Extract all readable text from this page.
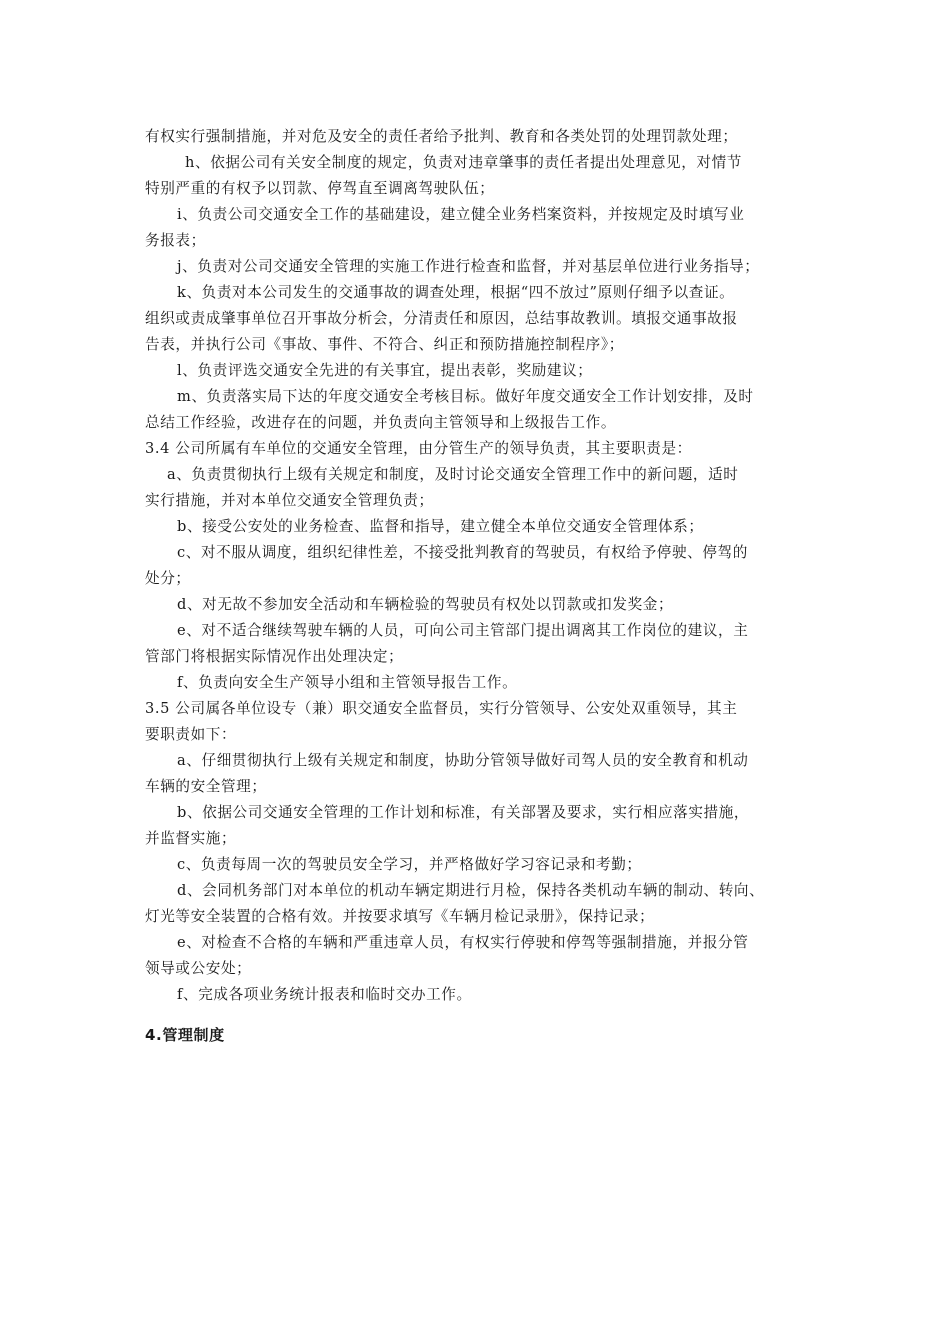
有权实行强制措施，并对危及安全的责任者给予批判、教育和各类处罚的处理罚款处理；

h、依据公司有关安全制度的规定，负责对违章肇事的责任者提出处理意见，对情节

特别严重的有权予以罚款、停驾直至调离驾驶队伍；

i、负责公司交通安全工作的基础建设，建立健全业务档案资料，并按规定及时填写业

务报表；

j、负责对公司交通安全管理的实施工作进行检查和监督，并对基层单位进行业务指导；

k、负责对本公司发生的交通事故的调查处理，根据“四不放过”原则仔细予以查证。

组织或责成肇事单位召开事故分析会，分清责任和原因，总结事故教训。填报交通事故报

告表，并执行公司《事故、事件、不符合、纠正和预防措施控制程序》；

l、负责评选交通安全先进的有关事宜，提出表彰，奖励建议；

m、负责落实局下达的年度交通安全考核目标。做好年度交通安全工作计划安排，及时

总结工作经验，改进存在的问题，并负责向主管领导和上级报告工作。

3.4 公司所属有车单位的交通安全管理，由分管生产的领导负责，其主要职责是：

a、负责贯彻执行上级有关规定和制度，及时讨论交通安全管理工作中的新问题，适时

实行措施，并对本单位交通安全管理负责；

b、接受公安处的业务检查、监督和指导，建立健全本单位交通安全管理体系；

c、对不服从调度，组织纪律性差，不接受批判教育的驾驶员，有权给予停驶、停驾的

处分；

d、对无故不参加安全活动和车辆检验的驾驶员有权处以罚款或扣发奖金；

e、对不适合继续驾驶车辆的人员，可向公司主管部门提出调离其工作岗位的建议，主

管部门将根据实际情况作出处理决定；

f、负责向安全生产领导小组和主管领导报告工作。

3.5 公司属各单位设专（兼）职交通安全监督员，实行分管领导、公安处双重领导，其主

要职责如下：

a、仔细贯彻执行上级有关规定和制度，协助分管领导做好司驾人员的安全教育和机动

车辆的安全管理；

b、依据公司交通安全管理的工作计划和标准，有关部署及要求，实行相应落实措施，

并监督实施；

c、负责每周一次的驾驶员安全学习，并严格做好学习容记录和考勤；

d、会同机务部门对本单位的机动车辆定期进行月检，保持各类机动车辆的制动、转向、

灯光等安全装置的合格有效。并按要求填写《车辆月检记录册》，保持记录；

e、对检查不合格的车辆和严重违章人员，有权实行停驶和停驾等强制措施，并报分管

领导或公安处；

f、完成各项业务统计报表和临时交办工作。

4.管理制度
